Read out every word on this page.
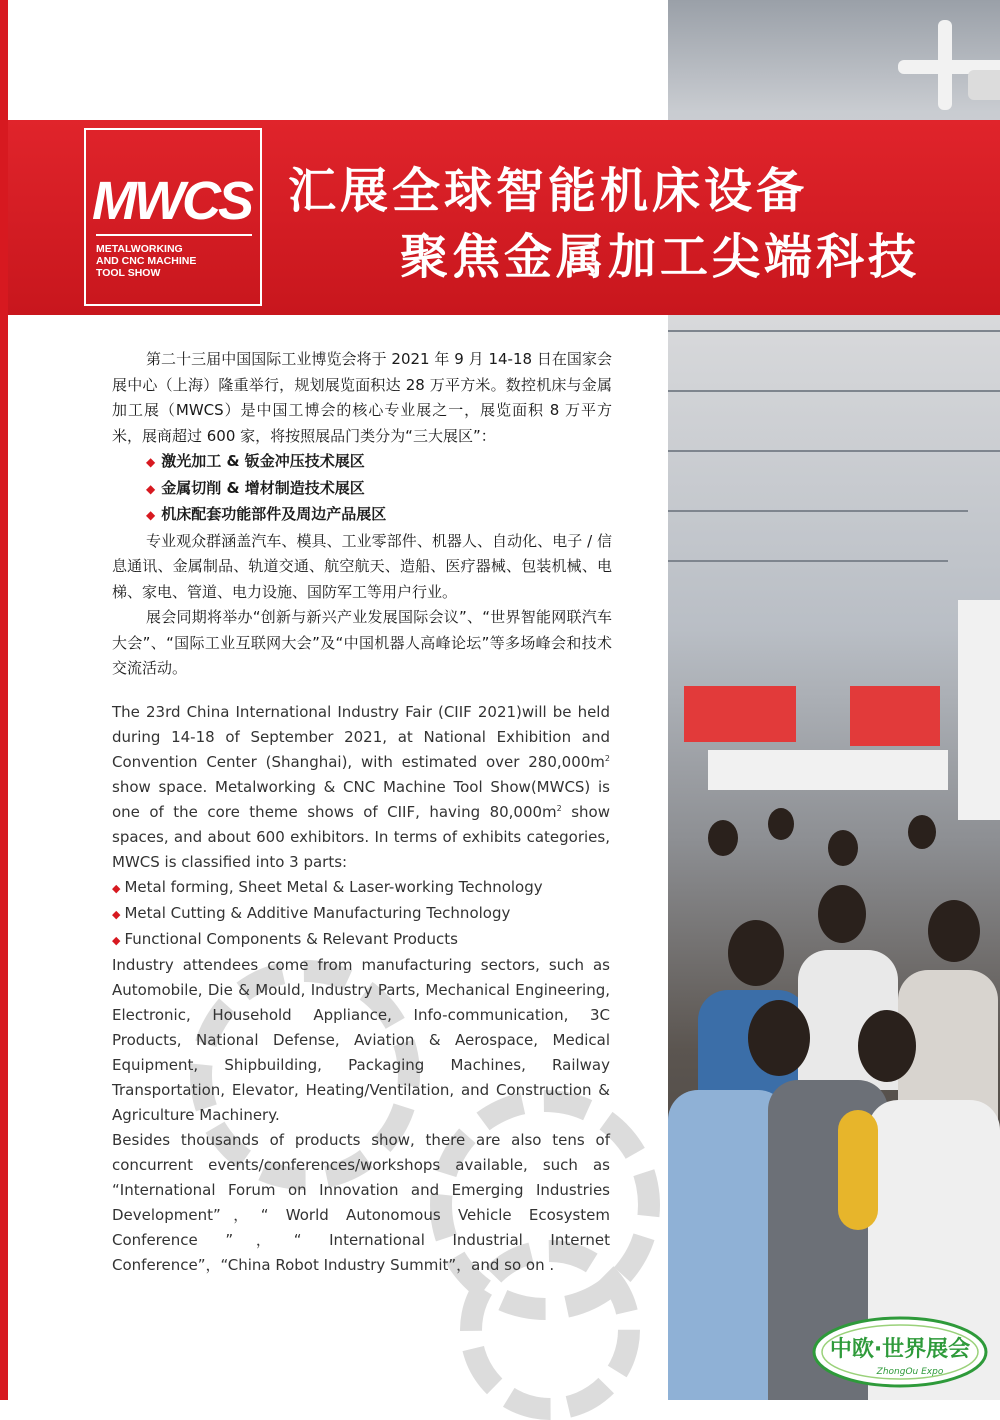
MWCS
METALWORKING
AND CNC MACHINE
TOOL SHOW
汇展全球智能机床设备
聚焦金属加工尖端科技

第二十三届中国国际工业博览会将于 2021 年 9 月 14-18 日在国家会展中心（上海）隆重举行，规划展览面积达 28 万平方米。数控机床与金属加工展（MWCS）是中国工博会的核心专业展之一，展览面积 8 万平方米，展商超过 600 家，将按照展品门类分为“三大展区”：

◆ 激光加工 & 钣金冲压技术展区

◆ 金属切削 & 增材制造技术展区

◆ 机床配套功能部件及周边产品展区

专业观众群涵盖汽车、模具、工业零部件、机器人、自动化、电子 / 信息通讯、金属制品、轨道交通、航空航天、造船、医疗器械、包装机械、电梯、家电、管道、电力设施、国防军工等用户行业。

展会同期将举办“创新与新兴产业发展国际会议”、“世界智能网联汽车大会”、“国际工业互联网大会”及“中国机器人高峰论坛”等多场峰会和技术交流活动。

The 23rd China International Industry Fair (CIIF 2021)will be held during 14-18 of September 2021, at National Exhibition and Convention Center (Shanghai), with estimated over $280,000m^2$ show space. Metalworking & CNC Machine Tool Show(MWCS) is one of the core theme shows of CIIF, having $80,000m^2$ show spaces, and about 600 exhibitors. In terms of exhibits categories, MWCS is classified into 3 parts:

◆ Metal forming, Sheet Metal & Laser-working Technology

◆ Metal Cutting & Additive Manufacturing Technology

◆ Functional Components & Relevant Products

Industry attendees come from manufacturing sectors, such as Automobile, Die & Mould, Industry Parts, Mechanical Engineering, Electronic, Household Appliance, Info-communication, 3C Products, National Defense, Aviation & Aerospace, Medical Equipment, Shipbuilding, Packaging Machines, Railway Transportation, Elevator, Heating/Ventilation, and Construction & Agriculture Machinery.

Besides thousands of products show, there are also tens of concurrent events/conferences/workshops available, such as “International Forum on Innovation and Emerging Industries Development”，“ World Autonomous Vehicle Ecosystem Conference ”，“ International Industrial Internet Conference”，“China Robot Industry Summit”，and so on .

中欧·世界展会
ZhongOu Expo
